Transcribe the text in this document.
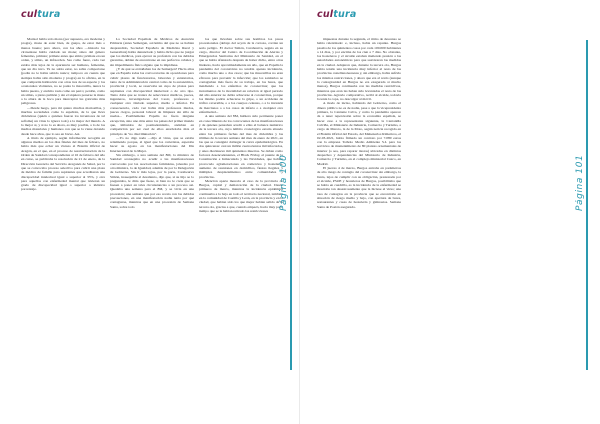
cultura

Marisol habla sólo mona (por supuesto, era moderna y progre), mona de estar bien, de guapa, de estar más o menos buena; pero ahora, con los años —historia los circuentase habla cuidado un mona; sinos del género femenino, primata; primate antes que simio; primate era un orden, y simio, un infraorden. Sea como fuere, cada vez estaba más lejos de la apariencia ser humano, femenina, que un día tuvo. Ya no sabía estar, no sabía comportarse (podía no le había sabido nunca; tampoco en cuenta que siempre había sido moderna y progre) en la oficina, en la que compartía habitación con otras tres de su especie y los ocasionales visitantes, no se ponía la mascarilla, nunca la había puesta, y encima tosía como un perro; perdón, como un simio, a pleno pulmón y sin el siquiera ponerse la mano a la altura de la boca para interceptar las gotículas más peligrosas.

—Desde luego, para mí quiero muchas mariosillas, y muchas sociedades como la española, de la que lleva diciéndose (quién o quiénes fueron los inventores de tal sofisma) un virus lo ignora todo) a la mejor del mundo. A lo mejor sí, y si no lo es ahora, es muy posible, a lo de los medios materiales y humanos con que se la viene dotando desde hace años, que lo sea en breve. Así.

A título de ejemplo, según información recogida en algunos medios en los días finales del mes de febrero, no había más que echar un vistazo al Boletín Oficial de Aragón, en el que, en el proceso de reestructuración de la Orden de Sanidad correspondiente al 16 de febrero del año en curso, se publicaba la resolución de 21 de enero, de la Dirección Gerencia del Servicio Aragonés de Salud, por la que se convocaba proceso selectivo para cubrir una plaza de médico de familia para aspirantes que acreditaran una discapacidad intelectual igual o superior al 33%, y otra para aquellos con enfermedad mental que tuvieran un grado de discapacidad igual o superior a idéntico porcentaje.

La Sociedad Española de Médicos de Atención Primaria (antes Semergen, acrónimo del que no se habían desprendido, Sociedad Española de Medicina Rural y Generalista) había denunciado y había dicho que no juzgar que los médicos, para ejercer su profesión con las debidas garantías, debían de encontrarse en sus perfectos cabales y sin impedimento físico alguno que lo impidiese.

¿Y de qué se extrañaban los de Semergen? Hacía años que en España todas las convocatorias de oposiciones para cubrir plazas de funcionarios, laborales y estatutarios, tanto de la Administración central como de la autonómica, provincial y local, se reservaba un cupo de plazas para aspirantes con discapacidad intelectual o de otro tipo. Tanto daba que se tratara de seleccionar médicos, jueces, ingenieros, investigadores del Cesic, profesores o cualquier otro titulado superior, medio o inferior. En consecuencia, cada vez había más profesores mudos, jueces ciegos, personal laboral de limpieza sin silla de ruedas... Posiblemente España no fuera ninguna excepción, sino uno más entre los países del primer mundo que, imbuidos de posmodernismo, andaban en competición por ser cual de ellos enarbolaba más el principio de "no discriminación".

—Yo no digo nada —dijo el virus, que se estaba relamiendo porque, al igual que los carteristas, esperaba hacer su agosto en las manifestaciones del Día Internacional de la Mujer.

Sin embargo, a una semana del 8M, la ministra de Sanidad aconsejaba no acudir a las manifestaciones convocadas por las asociaciones feministas, jaleadas por otra ministra, la de Igualdad, además de por la Delegación de Gobierno. Sin ir más lejos, por la parte, Carabeurva Simón, inasequible al desaliento, dijo que, si su hijo se lo preguntaba, le diría que fuese, si bien no le creía que se fuesen a poner en tales circunstancias a un proceso así. Quedaba una semana para el 8M, y se vivía en una procesión; una semana que por eso recaía con las debidas precauciones, en una manifestación nadie tenía por qué contagiarse, mientras que en una procesión de Semana Santa, sobre todo

los que llevaban sobre sus hombros los pasos procesionales (debajo del soyón de la carroza, corrían un serio peligro. El doctor Simón, Carabeurva, seguía en su cargo, director del Centro de Coordinación de Alertas y Emergencias Sanitarias del Ministerio de Sanidad, en el que se había afianzado después de haber dicho, entre otras lindezas, hacía aproximadamente un año, que en España la pandemia del coronavirus no tendría apenas incidencia, como mucho uno o dos casos; que las mascarillas no eran eficaces para prevenir la infección; que los sanitarios se contagiaban más fuera de su trabajo, en los bares, que tiendiendo a los enfermos de coronavirus; que los incrementos de la mortalidad en relación al igual período del año anterior no debía achacarse al coronavirus, porque los mismo podría achacarse la gripe, o un accidente de tráfico reversible, o a los cuerpos celestes, o a la invasión de marcianos o a los casos de infarto o a cualquier otra enfermedad...

A una semana del 8M, hubiera sido pertinente poner en conocimiento de los convocantes de las manifestaciones y de quienes pensaban acudir a ellas el balance numérico de la tercera ola, cuyo ámbito cronológico estaría situado entre las primeras fechas del mes de diciembre y las últimas de la tercera semana del mes de enero de 2021, en las que se consiguió doblegar la curva epidemiológica. En dos quincenas: casi un millón cuatrocientos mil infectados, y unos diecinueve mil quinientos muertos. Se daban como factores desencadenantes, el Black Friday, el puente de la Constitución e Inmaculada y las Navidades, que habían provocado aglomeraciones en comercios y hostelería, aumento de reuniones en domicilios, fiestas ilegales y múltiples desplazamientos entre comunidades y provincias.

Mención aparte merecía el caso de la provincia de Burgos, capital y demarcación de la ciudad. Desde primeros de marzo, mientras la incidencia epidémica continuaba a la baja en todo el territorio nacional, también en la comunidad de Castilla y León, en la provincia y en la ciudad, que habían sido los que mejor habían salido de la tercera ola, gracias a que, cuando empezó, hacía muy poco tiempo que se le habían retirado las restricciones	Página 100
cultura
Página 101

impuestas durante la segunda, el ritmo de descenso se había ralentizado: e, incluso, había un repunte. Burgos pasaba de los quinientos casos por cada 100.000 habitantes a 14 días, y por encima de los cien a 7 días. No obstante, los hosteleros y el alcalde estaban metiendo presión a las autoridades autonómicas para que suavizaran las medidas en la ciudad. Adujeron que, durante la tercera ola, Burgos había tenido una incidencia muy inferior al resto de las provincias castellanoleonesas y, sin embargo, había sufrido los mismos restricciones, y ahora que era al revés (aunque la contagiosidad en Burgos no era exagerada si mucho menos), Burgos continuaba con las medidas restrictivas, mientras que eran las haban sido levantadas el resto de las provincias. Agravio comparativo, recibí al alcalde, todavía la tenía la copa, no descolgar al móvil.

A modo de inciso, hablando del Gobierno, como el dinero público no es de nadie, pese a que la vicepresidenta primera, la Cantante Calva, y como la pandemia aparece da a tener repercusión sobre la economía española, se hacer caso a la representante siguiente, la Cantanilla Calviña, el Ministerio de Industria, Comercio y Turismo, a cargo de Maroto, la de la Moto, según noticia recogida en el Boletín Oficial del Estado, del Mahenarlos Rimaticos, el 02-03-2021, había firmado un contrato por 7.080 euros con la empresa Totholo Medio Ambiente S.L para los servicios de mantenimiento de 80 plantas ornamentales de interior (o sea, para reparar tiestos) ubicadas en distintos despachos y dependencias del Ministerio de Industria, Comercio y Turismo, en el complejo ministerial Cuzco, en Madrid.

El jueves 4 de marzo, Burgos entraba en parámetros de alto riesgo de contagio del coronavirus: sin embargo, la Junta, lejos de cumplir con su obligación, presionada por el alcalde, PSOE y hosteleros de Burgos, posibilitaba que se había en cuadrilla, es la incidencia de la enfermedad se mostraba tan desastrosamente que la hiciese el virus; una tasa de contagios en la provincia que se encontraba en situación de riesgo medio y bajo, con apertura de bares, restaurantes y casas de hostelería y gimnasios. Semana Santa de Posión asegurada.
